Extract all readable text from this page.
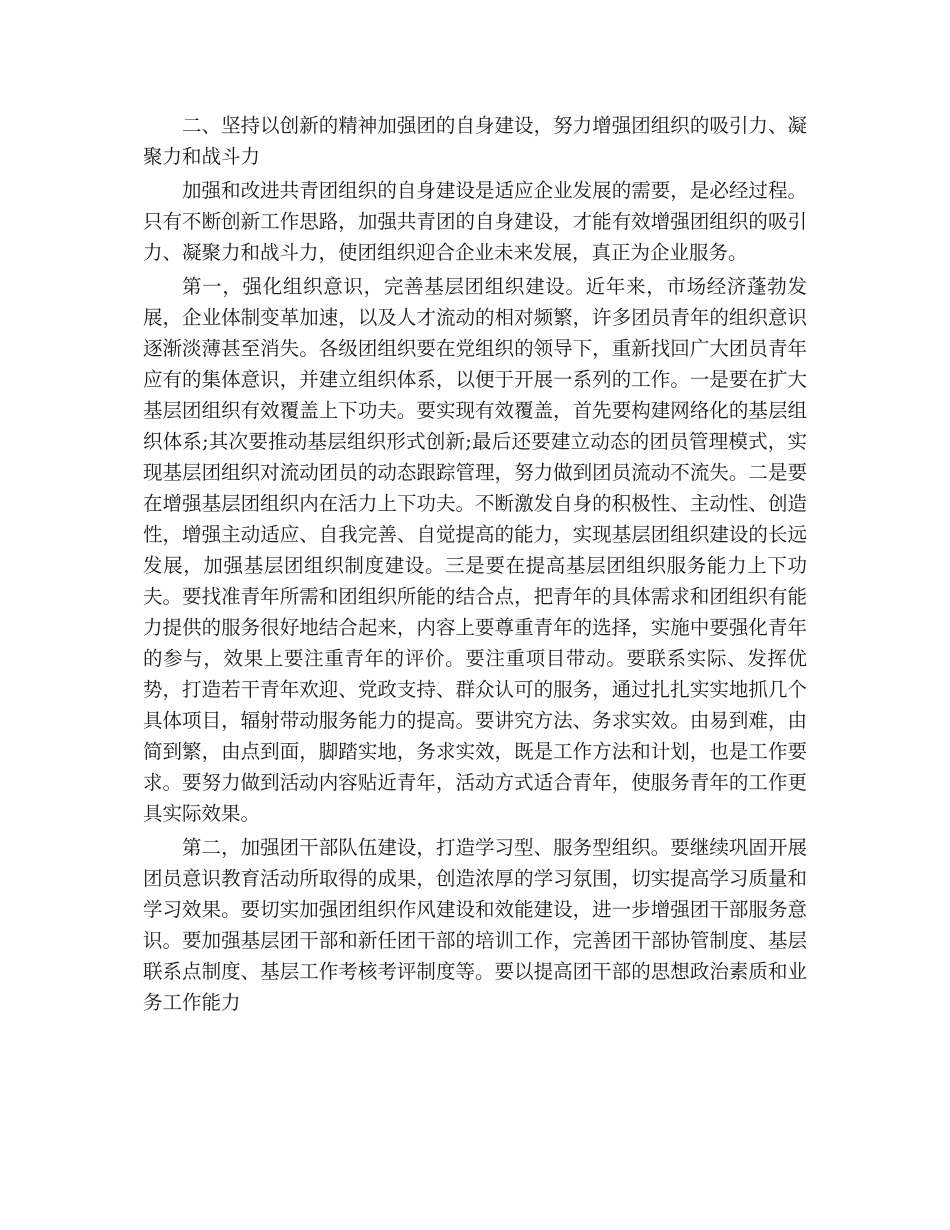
二、坚持以创新的精神加强团的自身建设，努力增强团组织的吸引力、凝聚力和战斗力

加强和改进共青团组织的自身建设是适应企业发展的需要，是必经过程。只有不断创新工作思路，加强共青团的自身建设，才能有效增强团组织的吸引力、凝聚力和战斗力，使团组织迎合企业未来发展，真正为企业服务。

第一，强化组织意识，完善基层团组织建设。近年来，市场经济蓬勃发展，企业体制变革加速，以及人才流动的相对频繁，许多团员青年的组织意识逐渐淡薄甚至消失。各级团组织要在党组织的领导下，重新找回广大团员青年应有的集体意识，并建立组织体系，以便于开展一系列的工作。一是要在扩大基层团组织有效覆盖上下功夫。要实现有效覆盖，首先要构建网络化的基层组织体系;其次要推动基层组织形式创新;最后还要建立动态的团员管理模式，实现基层团组织对流动团员的动态跟踪管理，努力做到团员流动不流失。二是要在增强基层团组织内在活力上下功夫。不断激发自身的积极性、主动性、创造性，增强主动适应、自我完善、自觉提高的能力，实现基层团组织建设的长远发展，加强基层团组织制度建设。三是要在提高基层团组织服务能力上下功夫。要找准青年所需和团组织所能的结合点，把青年的具体需求和团组织有能力提供的服务很好地结合起来，内容上要尊重青年的选择，实施中要强化青年的参与，效果上要注重青年的评价。要注重项目带动。要联系实际、发挥优势，打造若干青年欢迎、党政支持、群众认可的服务，通过扎扎实实地抓几个具体项目，辐射带动服务能力的提高。要讲究方法、务求实效。由易到难，由简到繁，由点到面，脚踏实地，务求实效，既是工作方法和计划，也是工作要求。要努力做到活动内容贴近青年，活动方式适合青年，使服务青年的工作更具实际效果。

第二，加强团干部队伍建设，打造学习型、服务型组织。要继续巩固开展团员意识教育活动所取得的成果，创造浓厚的学习氛围，切实提高学习质量和学习效果。要切实加强团组织作风建设和效能建设，进一步增强团干部服务意识。要加强基层团干部和新任团干部的培训工作，完善团干部协管制度、基层联系点制度、基层工作考核考评制度等。要以提高团干部的思想政治素质和业务工作能力
